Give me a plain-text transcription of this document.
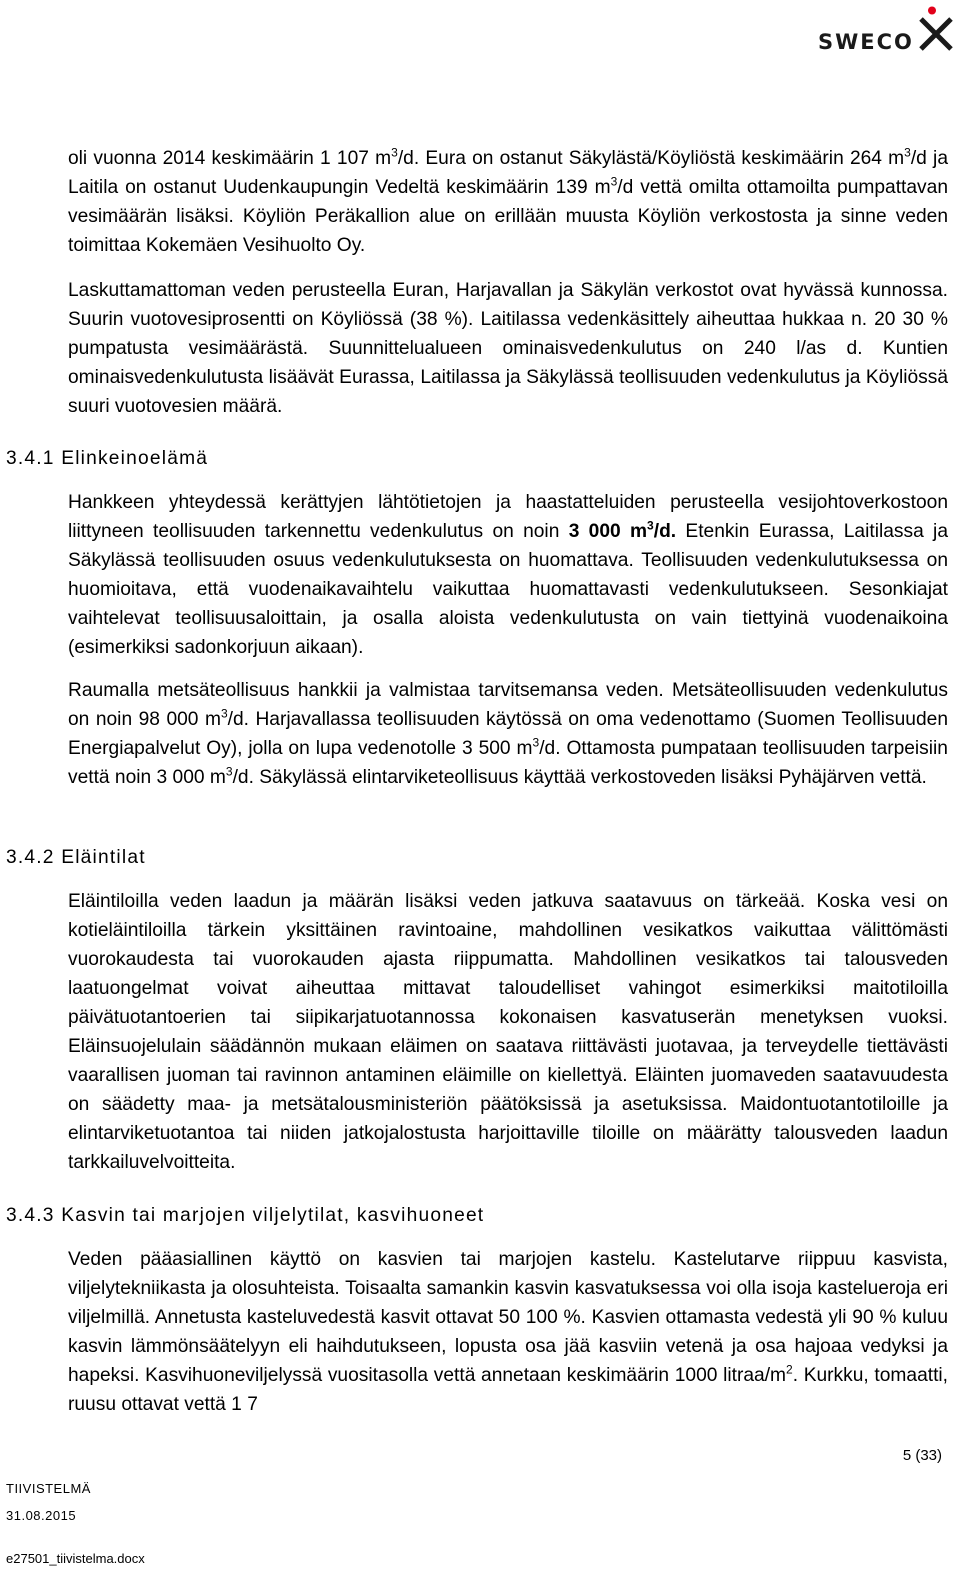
SWECO

oli vuonna 2014 keskimäärin 1 107 $m^3/d$. Eura on ostanut Säkylästä/Köyliöstä keskimäärin 264 $m^3/d$ ja Laitila on ostanut Uudenkaupungin Vedeltä keskimäärin 139 $m^3/d$ vettä omilta ottamoilta pumpattavan vesimäärän lisäksi. Köyliön Peräkallion alue on erillään muusta Köyliön verkostosta ja sinne veden toimittaa Kokemäen Vesihuolto Oy.

Laskuttamattoman veden perusteella Euran, Harjavallan ja Säkylän verkostot ovat hyvässä kunnossa. Suurin vuotovesiprosentti on Köyliössä (38 %). Laitilassa vedenkäsittely aiheuttaa hukkaa n. 20 30 % pumpatusta vesimäärästä. Suunnittelualueen ominaisvedenkulutus on 240 l/as d. Kuntien ominaisvedenkulutusta lisäävät Eurassa, Laitilassa ja Säkylässä teollisuuden vedenkulutus ja Köyliössä suuri vuotovesien määrä.

3.4.1 Elinkeinoelämä

Hankkeen yhteydessä kerättyjen lähtötietojen ja haastatteluiden perusteella vesijohtoverkostoon liittyneen teollisuuden tarkennettu vedenkulutus on noin 3 000 $m^3/d$. Etenkin Eurassa, Laitilassa ja Säkylässä teollisuuden osuus vedenkulutuksesta on huomattava. Teollisuuden vedenkulutuksessa on huomioitava, että vuodenaikavaihtelu vaikuttaa huomattavasti vedenkulutukseen. Sesonkiajat vaihtelevat teollisuusaloittain, ja osalla aloista vedenkulutusta on vain tiettyinä vuodenaikoina (esimerkiksi sadonkorjuun aikaan).

Raumalla metsäteollisuus hankkii ja valmistaa tarvitsemansa veden. Metsäteollisuuden vedenkulutus on noin 98 000 $m^3/d$. Harjavallassa teollisuuden käytössä on oma vedenottamo (Suomen Teollisuuden Energiapalvelut Oy), jolla on lupa vedenotolle 3 500 $m^3/d$. Ottamosta pumpataan teollisuuden tarpeisiin vettä noin 3 000 $m^3/d$. Säkylässä elintarviketeollisuus käyttää verkostoveden lisäksi Pyhäjärven vettä.

3.4.2 Eläintilat

Eläintiloilla veden laadun ja määrän lisäksi veden jatkuva saatavuus on tärkeää. Koska vesi on kotieläintiloilla tärkein yksittäinen ravintoaine, mahdollinen vesikatkos vaikuttaa välittömästi vuorokaudesta tai vuorokauden ajasta riippumatta. Mahdollinen vesikatkos tai talousveden laatuongelmat voivat aiheuttaa mittavat taloudelliset vahingot esimerkiksi maitotiloilla päivätuotantoerien tai siipikarjatuotannossa kokonaisen kasvatuserän menetyksen vuoksi. Eläinsuojelulain säädännön mukaan eläimen on saatava riittävästi juotavaa, ja terveydelle tiettävästi vaarallisen juoman tai ravinnon antaminen eläimille on kiellettyä. Eläinten juomaveden saatavuudesta on säädetty maa- ja metsätalousministeriön päätöksissä ja asetuksissa. Maidontuotantotiloille ja elintarviketuotantoa tai niiden jatkojalostusta harjoittaville tiloille on määrätty talousveden laadun tarkkailuvelvoitteita.

3.4.3 Kasvin tai marjojen viljelytilat, kasvihuoneet

Veden pääasiallinen käyttö on kasvien tai marjojen kastelu. Kastelutarve riippuu kasvista, viljelytekniikasta ja olosuhteista. Toisaalta samankin kasvin kasvatuksessa voi olla isoja kastelueroja eri viljelmillä. Annetusta kasteluvedestä kasvit ottavat 50 100 %. Kasvien ottamasta vedestä yli 90 % kuluu kasvin lämmönsäätelyyn eli haihdutukseen, lopusta osa jää kasviin vetenä ja osa hajoaa vedyksi ja hapeksi. Kasvihuoneviljelyssä vuositasolla vettä annetaan keskimäärin 1000 litraa/$m^2$. Kurkku, tomaatti, ruusu ottavat vettä 1 7

5 (33)
TIIVISTELMÄ
31.08.2015
e27501_tiivistelma.docx
